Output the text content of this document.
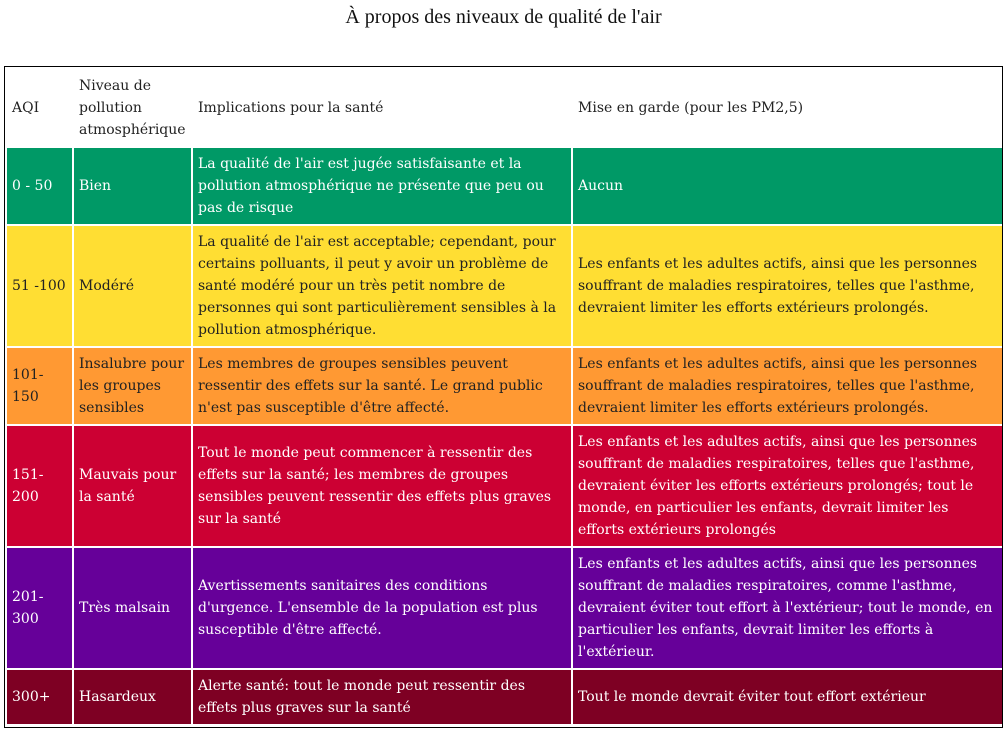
À propos des niveaux de qualité de l'air
AQI	Niveau de pollution atmosphérique	Implications pour la santé	Mise en garde (pour les PM2,5)
0 - 50	Bien	La qualité de l'air est jugée satisfaisante et la pollution atmosphérique ne présente que peu ou pas de risque	Aucun
51 -100	Modéré	La qualité de l'air est acceptable; cependant, pour certains polluants, il peut y avoir un problème de santé modéré pour un très petit nombre de personnes qui sont particulièrement sensibles à la pollution atmosphérique.	Les enfants et les adultes actifs, ainsi que les personnes souffrant de maladies respiratoires, telles que l'asthme, devraient limiter les efforts extérieurs prolongés.
101-150	Insalubre pour les groupes sensibles	Les membres de groupes sensibles peuvent ressentir des effets sur la santé. Le grand public n'est pas susceptible d'être affecté.	Les enfants et les adultes actifs, ainsi que les personnes souffrant de maladies respiratoires, telles que l'asthme, devraient limiter les efforts extérieurs prolongés.
151-200	Mauvais pour la santé	Tout le monde peut commencer à ressentir des effets sur la santé; les membres de groupes sensibles peuvent ressentir des effets plus graves sur la santé	Les enfants et les adultes actifs, ainsi que les personnes souffrant de maladies respiratoires, telles que l'asthme, devraient éviter les efforts extérieurs prolongés; tout le monde, en particulier les enfants, devrait limiter les efforts extérieurs prolongés
201-300	Très malsain	Avertissements sanitaires des conditions d'urgence. L'ensemble de la population est plus susceptible d'être affecté.	Les enfants et les adultes actifs, ainsi que les personnes souffrant de maladies respiratoires, comme l'asthme, devraient éviter tout effort à l'extérieur; tout le monde, en particulier les enfants, devrait limiter les efforts à l'extérieur.
300+	Hasardeux	Alerte santé: tout le monde peut ressentir des effets plus graves sur la santé	Tout le monde devrait éviter tout effort extérieur
